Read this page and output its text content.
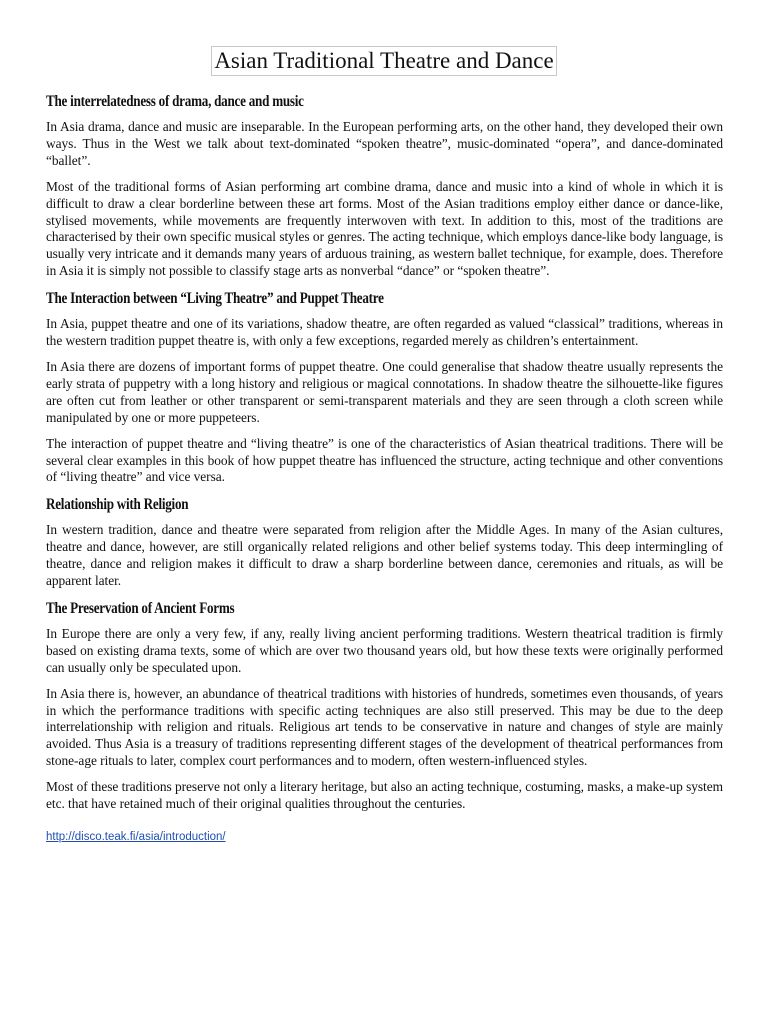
Asian Traditional Theatre and Dance
The interrelatedness of drama, dance and music

In Asia drama, dance and music are inseparable. In the European performing arts, on the other hand, they developed their own ways. Thus in the West we talk about text-dominated “spoken theatre”, music-dominated “opera”, and dance-dominated “ballet”.

Most of the traditional forms of Asian performing art combine drama, dance and music into a kind of whole in which it is difficult to draw a clear borderline between these art forms. Most of the Asian traditions employ either dance or dance-like, stylised movements, while movements are frequently interwoven with text. In addition to this, most of the traditions are characterised by their own specific musical styles or genres. The acting technique, which employs dance-like body language, is usually very intricate and it demands many years of arduous training, as western ballet technique, for example, does. Therefore in Asia it is simply not possible to classify stage arts as nonverbal “dance” or “spoken theatre”.

The Interaction between “Living Theatre” and Puppet Theatre

In Asia, puppet theatre and one of its variations, shadow theatre, are often regarded as valued “classical” traditions, whereas in the western tradition puppet theatre is, with only a few exceptions, regarded merely as children’s entertainment.

In Asia there are dozens of important forms of puppet theatre. One could generalise that shadow theatre usually represents the early strata of puppetry with a long history and religious or magical connotations. In shadow theatre the silhouette-like figures are often cut from leather or other transparent or semi-transparent materials and they are seen through a cloth screen while manipulated by one or more puppeteers.

The interaction of puppet theatre and “living theatre” is one of the characteristics of Asian theatrical traditions. There will be several clear examples in this book of how puppet theatre has influenced the structure, acting technique and other conventions of “living theatre” and vice versa.

Relationship with Religion

In western tradition, dance and theatre were separated from religion after the Middle Ages. In many of the Asian cultures, theatre and dance, however, are still organically related religions and other belief systems today. This deep intermingling of theatre, dance and religion makes it difficult to draw a sharp borderline between dance, ceremonies and rituals, as will be apparent later.

The Preservation of Ancient Forms

In Europe there are only a very few, if any, really living ancient performing traditions. Western theatrical tradition is firmly based on existing drama texts, some of which are over two thousand years old, but how these texts were originally performed can usually only be speculated upon.

In Asia there is, however, an abundance of theatrical traditions with histories of hundreds, sometimes even thousands, of years in which the performance traditions with specific acting techniques are also still preserved. This may be due to the deep interrelationship with religion and rituals. Religious art tends to be conservative in nature and changes of style are mainly avoided. Thus Asia is a treasury of traditions representing different stages of the development of theatrical performances from stone-age rituals to later, complex court performances and to modern, often western-influenced styles.

Most of these traditions preserve not only a literary heritage, but also an acting technique, costuming, masks, a make-up system etc. that have retained much of their original qualities throughout the centuries.

http://disco.teak.fi/asia/introduction/
